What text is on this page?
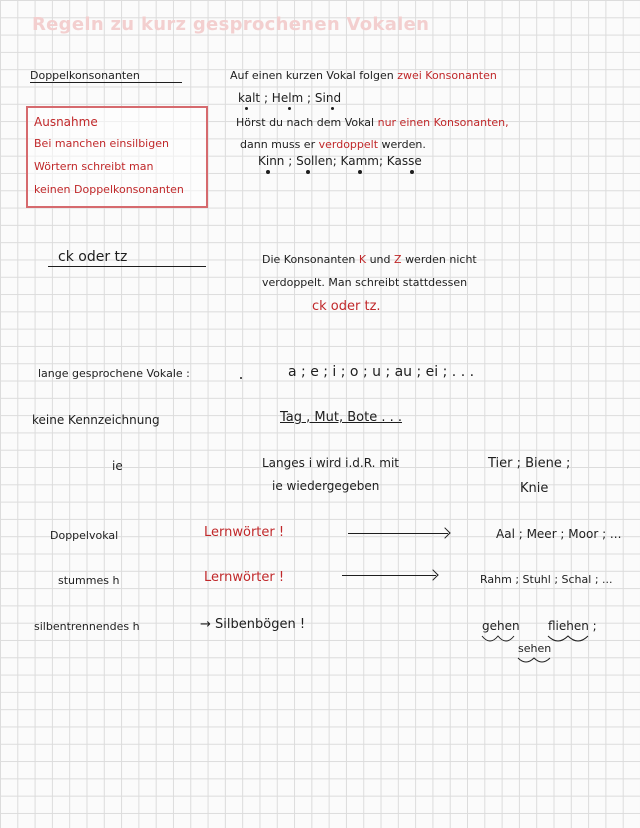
Regeln zu kurz gesprochenen Vokalen
Doppelkonsonanten	Auf einen kurzen Vokal folgen zwei Konsonanten
kalt ; Helm ; Sind
Hörst du nach dem Vokal nur einen Konsonanten,
dann muss er verdoppelt werden.
Kinn ; Sollen; Kamm; Kasse
Ausnahme
Bei manchen einsilbigen
Wörtern schreibt man
keinen Doppelkonsonanten
ck oder tz	Die Konsonanten K und Z werden nicht
verdoppelt. Man schreibt stattdessen
ck oder tz.
lange gesprochene Vokale :	a ; e ; i ; o ; u ; au ; ei ; . . .
keine Kennzeichnung	Tag , Mut, Bote . . .
ie	Langes i wird i.d.R. mit
ie wiedergegeben
Tier ; Biene ;
Knie
Doppelvokal	Lernwörter !	Aal ; Meer ; Moor ; ...
stummes h	Lernwörter !	Rahm ; Stuhl ; Schal ; ...
silbentrennendes h	→ Silbenbögen !	gehen fliehen ;
sehen
